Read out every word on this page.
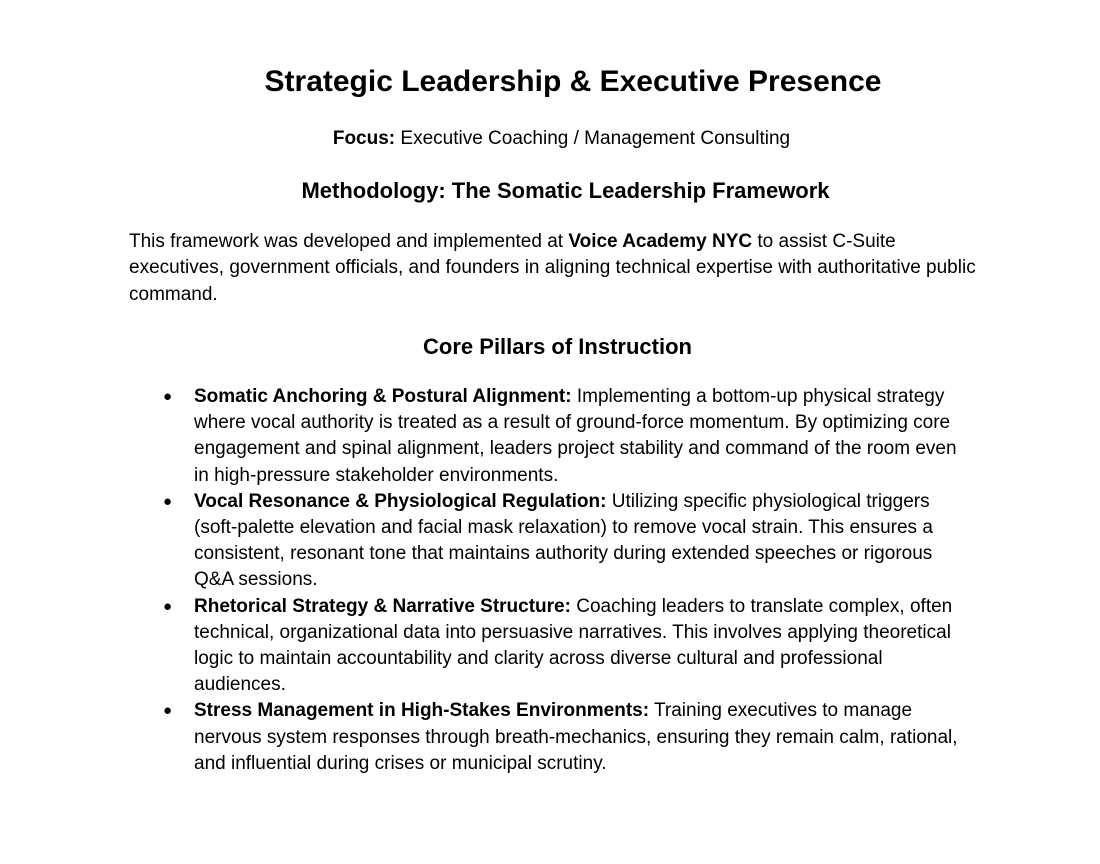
Strategic Leadership & Executive Presence

Focus: Executive Coaching / Management Consulting

Methodology: The Somatic Leadership Framework

This framework was developed and implemented at Voice Academy NYC to assist C-Suite executives, government officials, and founders in aligning technical expertise with authoritative public command.

Core Pillars of Instruction
● Somatic Anchoring & Postural Alignment: Implementing a bottom-up physical strategy where vocal authority is treated as a result of ground-force momentum. By optimizing core engagement and spinal alignment, leaders project stability and command of the room even in high-pressure stakeholder environments.
● Vocal Resonance & Physiological Regulation: Utilizing specific physiological triggers (soft-palette elevation and facial mask relaxation) to remove vocal strain. This ensures a consistent, resonant tone that maintains authority during extended speeches or rigorous Q&A sessions.
● Rhetorical Strategy & Narrative Structure: Coaching leaders to translate complex, often technical, organizational data into persuasive narratives. This involves applying theoretical logic to maintain accountability and clarity across diverse cultural and professional audiences.
● Stress Management in High-Stakes Environments: Training executives to manage nervous system responses through breath-mechanics, ensuring they remain calm, rational, and influential during crises or municipal scrutiny.
